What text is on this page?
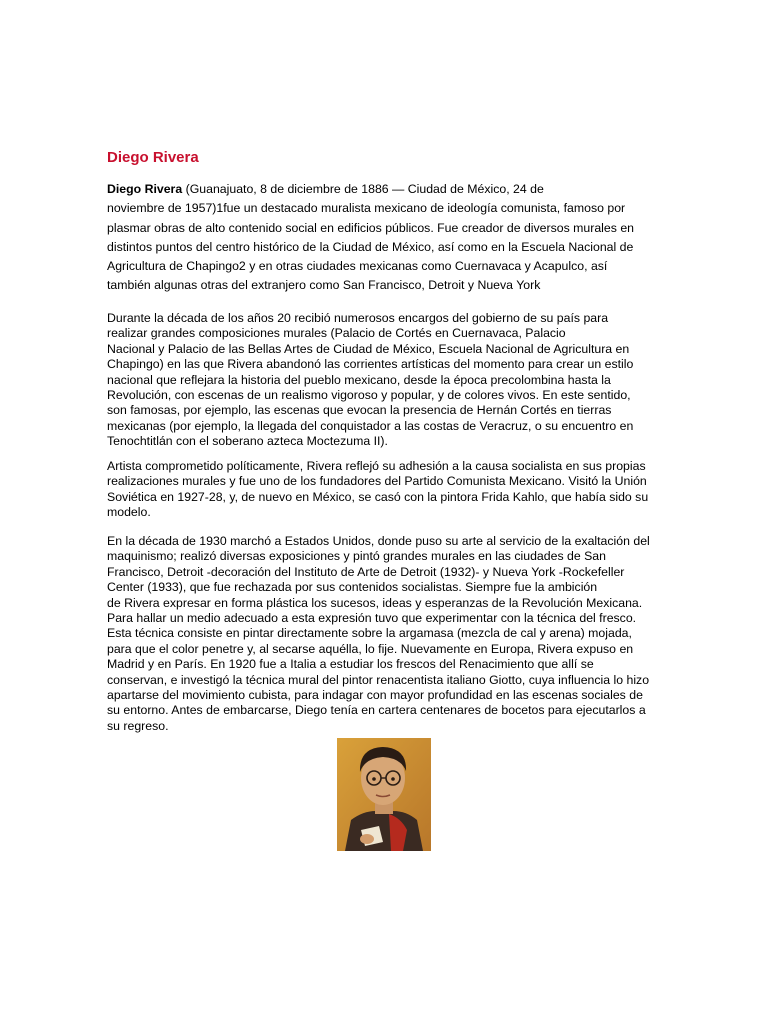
Diego Rivera
Diego Rivera (Guanajuato, 8 de diciembre de 1886 — Ciudad de México, 24 de
noviembre de 1957)1fue un destacado muralista mexicano de ideología comunista, famoso por
plasmar obras de alto contenido social en edificios públicos. Fue creador de diversos murales en
distintos puntos del centro histórico de la Ciudad de México, así como en la Escuela Nacional de
Agricultura de Chapingo2 y en otras ciudades mexicanas como Cuernavaca y Acapulco, así
también algunas otras del extranjero como San Francisco, Detroit y Nueva York
Durante la década de los años 20 recibió numerosos encargos del gobierno de su país para
realizar grandes composiciones murales (Palacio de Cortés en Cuernavaca, Palacio
Nacional y Palacio de las Bellas Artes de Ciudad de México, Escuela Nacional de Agricultura en
Chapingo) en las que Rivera abandonó las corrientes artísticas del momento para crear un estilo
nacional que reflejara la historia del pueblo mexicano, desde la época precolombina hasta la
Revolución, con escenas de un realismo vigoroso y popular, y de colores vivos. En este sentido,
son famosas, por ejemplo, las escenas que evocan la presencia de Hernán Cortés en tierras
mexicanas (por ejemplo, la llegada del conquistador a las costas de Veracruz, o su encuentro en
Tenochtitlán con el soberano azteca Moctezuma II).
Artista comprometido políticamente, Rivera reflejó su adhesión a la causa socialista en sus propias
realizaciones murales y fue uno de los fundadores del Partido Comunista Mexicano. Visitó la Unión
Soviética en 1927-28, y, de nuevo en México, se casó con la pintora Frida Kahlo, que había sido su
modelo.
En la década de 1930 marchó a Estados Unidos, donde puso su arte al servicio de la exaltación del
maquinismo; realizó diversas exposiciones y pintó grandes murales en las ciudades de San
Francisco, Detroit -decoración del Instituto de Arte de Detroit (1932)- y Nueva York -Rockefeller
Center (1933), que fue rechazada por sus contenidos socialistas. Siempre fue la ambición
de Rivera expresar en forma plástica los sucesos, ideas y esperanzas de la Revolución Mexicana.
Para hallar un medio adecuado a esta expresión tuvo que experimentar con la técnica del fresco.
Esta técnica consiste en pintar directamente sobre la argamasa (mezcla de cal y arena) mojada,
para que el color penetre y, al secarse aquélla, lo fije. Nuevamente en Europa, Rivera expuso en
Madrid y en París. En 1920 fue a Italia a estudiar los frescos del Renacimiento que allí se
conservan, e investigó la técnica mural del pintor renacentista italiano Giotto, cuya influencia lo hizo
apartarse del movimiento cubista, para indagar con mayor profundidad en las escenas sociales de
su entorno. Antes de embarcarse, Diego tenía en cartera centenares de bocetos para ejecutarlos a
su regreso.
